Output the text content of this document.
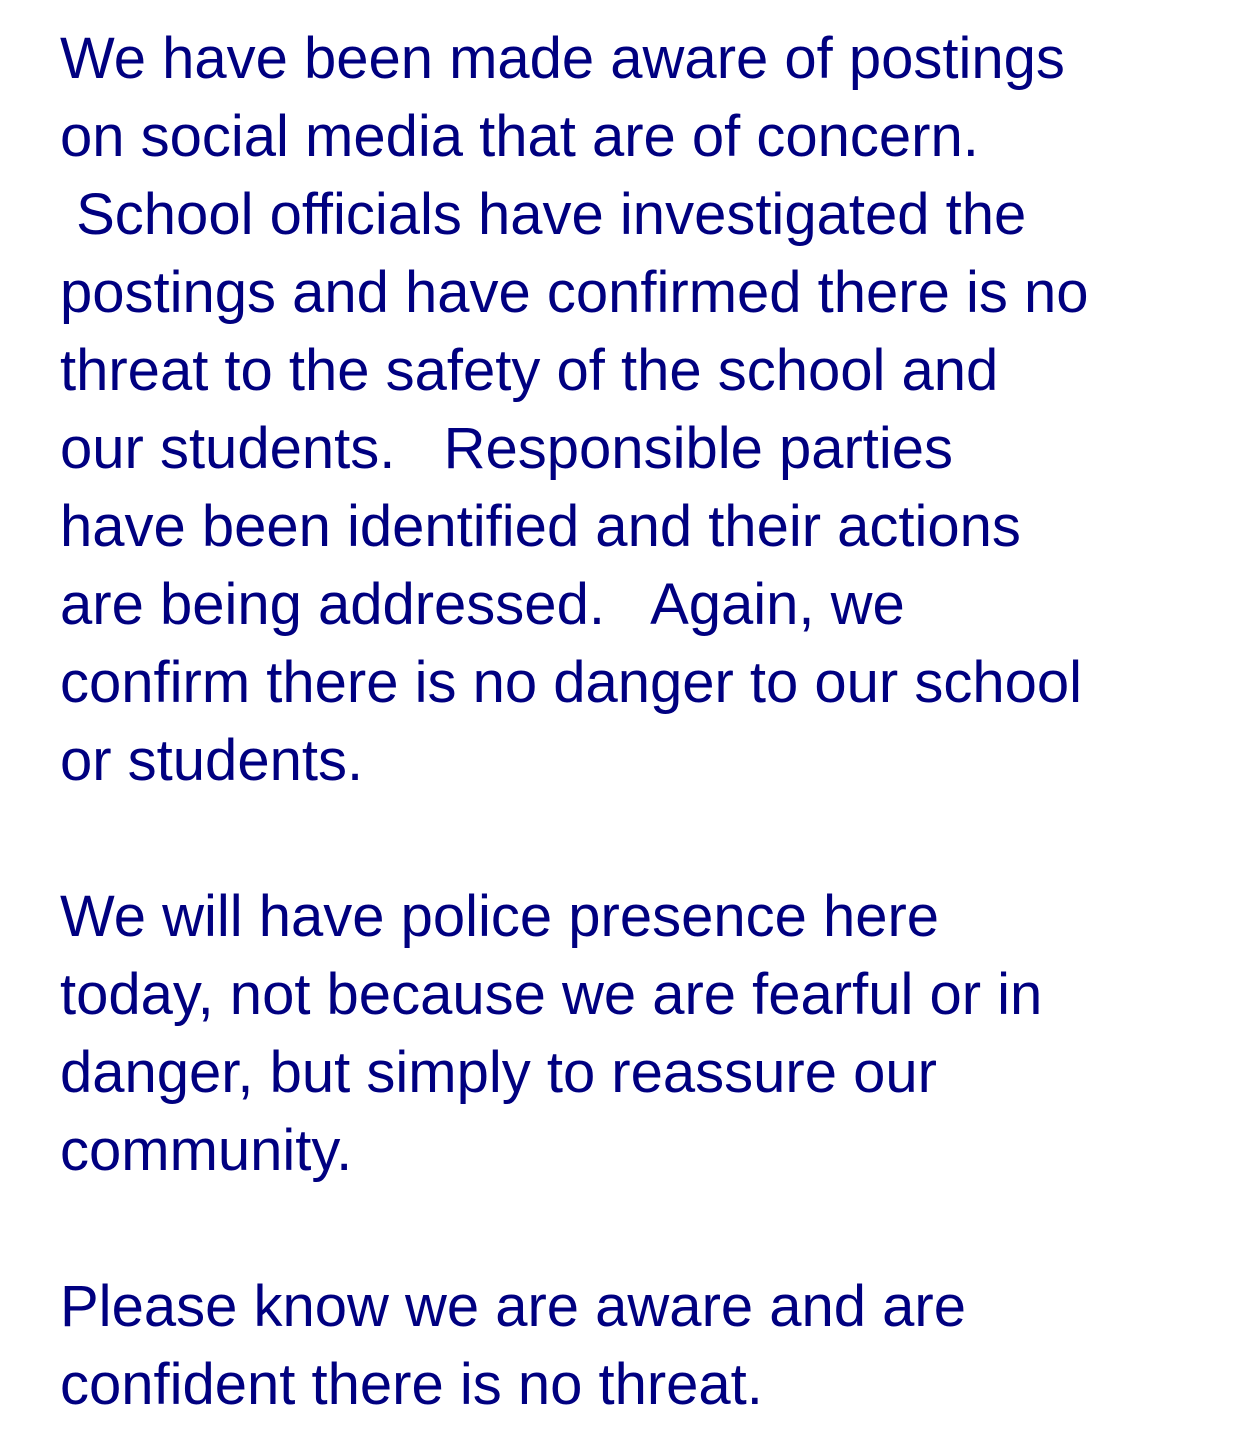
We have been made aware of postings
on social media that are of concern.
School officials have investigated the
postings and have confirmed there is no
threat to the safety of the school and
our students.   Responsible parties
have been identified and their actions
are being addressed.   Again, we
confirm there is no danger to our school
or students.

We will have police presence here
today, not because we are fearful or in
danger, but simply to reassure our
community.

Please know we are aware and are
confident there is no threat.
